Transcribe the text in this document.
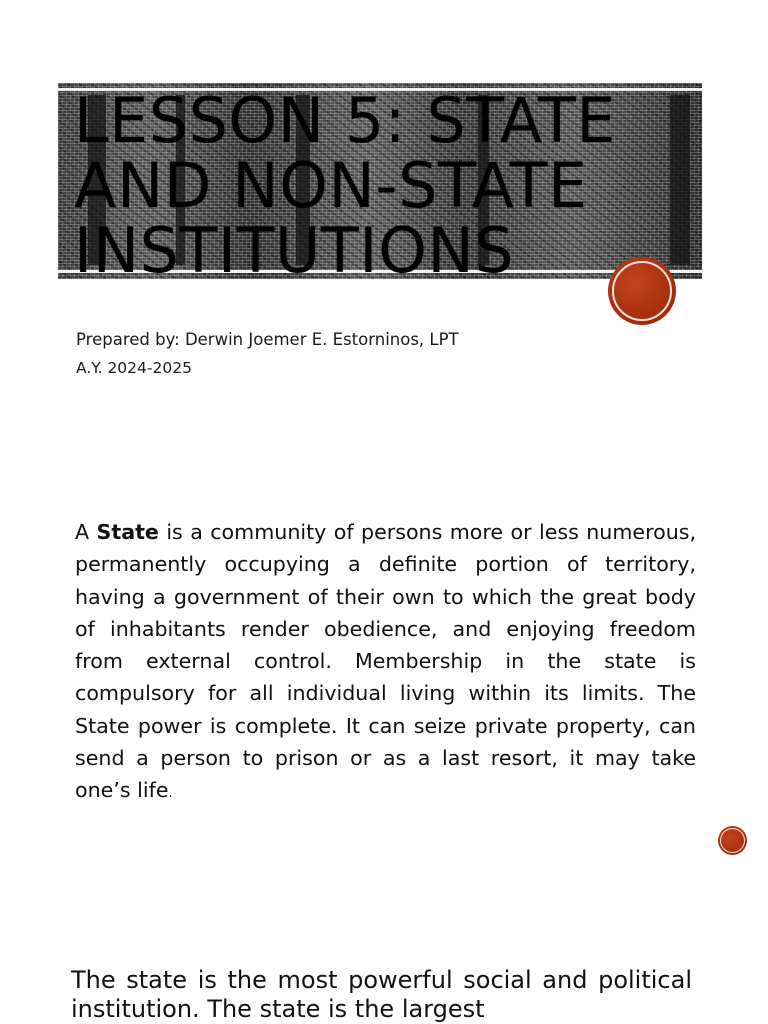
LESSON 5: STATE AND NON-STATE INSTITUTIONS
Prepared by: Derwin Joemer E. Estorninos, LPT
A.Y. 2024-2025

A State is a community of persons more or less numerous, permanently occupying a definite portion of territory, having a government of their own to which the great body of inhabitants render obedience, and enjoying freedom from external control. Membership in the state is compulsory for all individual living within its limits. The State power is complete. It can seize private property, can send a person to prison or as a last resort, it may take one’s life.

The state is the most powerful social and political institution. The state is the largest
